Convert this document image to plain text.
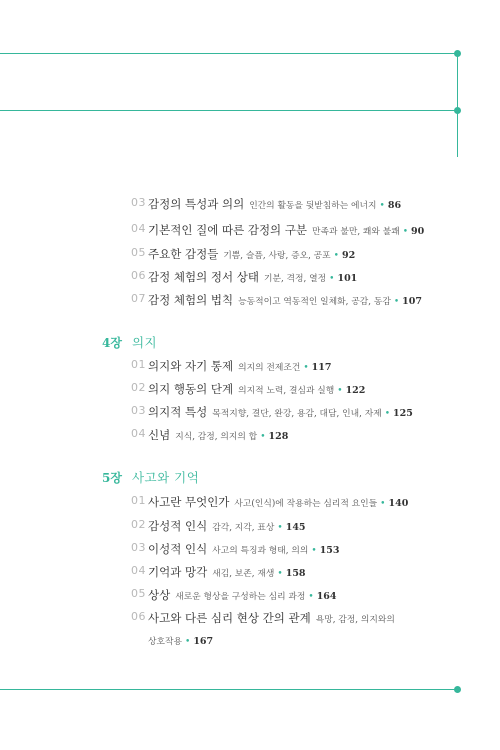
03 감정의 특성과 의의 인간의 활동을 뒷받침하는 에너지 • 86
04 기본적인 질에 따른 감정의 구분 만족과 불만, 쾌와 불쾌 • 90
05 주요한 감정들 기쁨, 슬픔, 사랑, 증오, 공포 • 92
06 감정 체험의 정서 상태 기분, 격정, 열정 • 101
07 감정 체험의 법칙 능동적이고 역동적인 일체화, 공감, 동감 • 107
4장 의지
01 의지와 자기 통제 의지의 전제조건 • 117
02 의지 행동의 단계 의지적 노력, 결심과 실행 • 122
03 의지적 특성 목적지향, 결단, 완강, 용감, 대담, 인내, 자제 • 125
04 신념 지식, 감정, 의지의 합 • 128
5장 사고와 기억
01 사고란 무엇인가 사고(인식)에 작용하는 심리적 요인들 • 140
02 감성적 인식 감각, 지각, 표상 • 145
03 이성적 인식 사고의 특징과 형태, 의의 • 153
04 기억과 망각 새김, 보존, 재생 • 158
05 상상 새로운 형상을 구성하는 심리 과정 • 164
06 사고와 다른 심리 현상 간의 관계 욕망, 감정, 의지와의
상호작용 • 167
